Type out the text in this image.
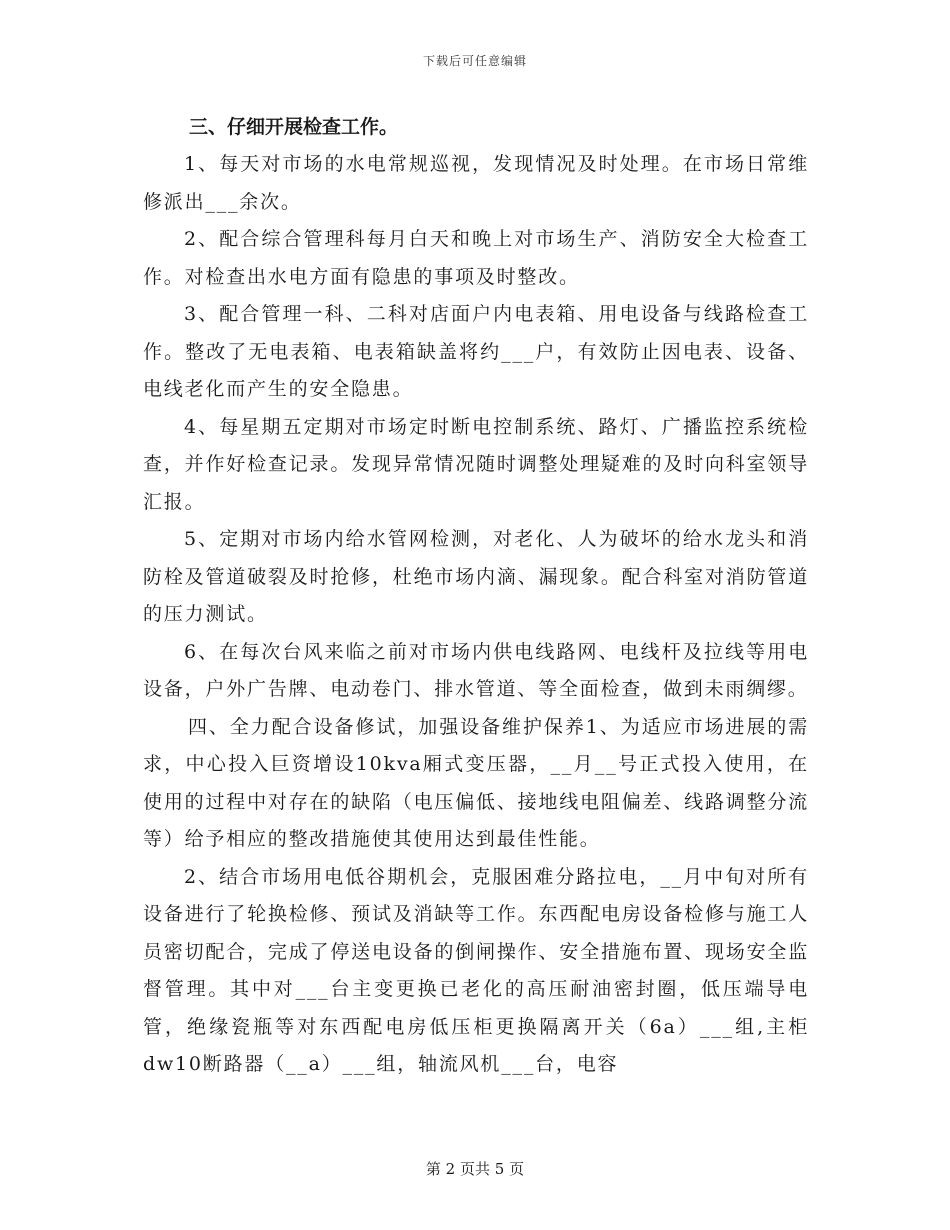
下载后可任意编辑
三、仔细开展检查工作。

1、每天对市场的水电常规巡视，发现情况及时处理。在市场日常维修派出___余次。

2、配合综合管理科每月白天和晚上对市场生产、消防安全大检查工作。对检查出水电方面有隐患的事项及时整改。

3、配合管理一科、二科对店面户内电表箱、用电设备与线路检查工作。整改了无电表箱、电表箱缺盖将约___户，有效防止因电表、设备、电线老化而产生的安全隐患。

4、每星期五定期对市场定时断电控制系统、路灯、广播监控系统检查，并作好检查记录。发现异常情况随时调整处理疑难的及时向科室领导汇报。

5、定期对市场内给水管网检测，对老化、人为破坏的给水龙头和消防栓及管道破裂及时抢修，杜绝市场内滴、漏现象。配合科室对消防管道的压力测试。

6、在每次台风来临之前对市场内供电线路网、电线杆及拉线等用电设备，户外广告牌、电动卷门、排水管道、等全面检查，做到未雨绸缪。

四、全力配合设备修试，加强设备维护保养1、为适应市场进展的需求，中心投入巨资增设10kva厢式变压器，__月__号正式投入使用，在使用的过程中对存在的缺陷（电压偏低、接地线电阻偏差、线路调整分流等）给予相应的整改措施使其使用达到最佳性能。

2、结合市场用电低谷期机会，克服困难分路拉电，__月中旬对所有设备进行了轮换检修、预试及消缺等工作。东西配电房设备检修与施工人员密切配合，完成了停送电设备的倒闸操作、安全措施布置、现场安全监督管理。其中对___台主变更换已老化的高压耐油密封圈，低压端导电管，绝缘瓷瓶等对东西配电房低压柜更换隔离开关（6a）___组,主柜dw10断路器（__a）___组，轴流风机___台，电容

第 2 页共 5 页
